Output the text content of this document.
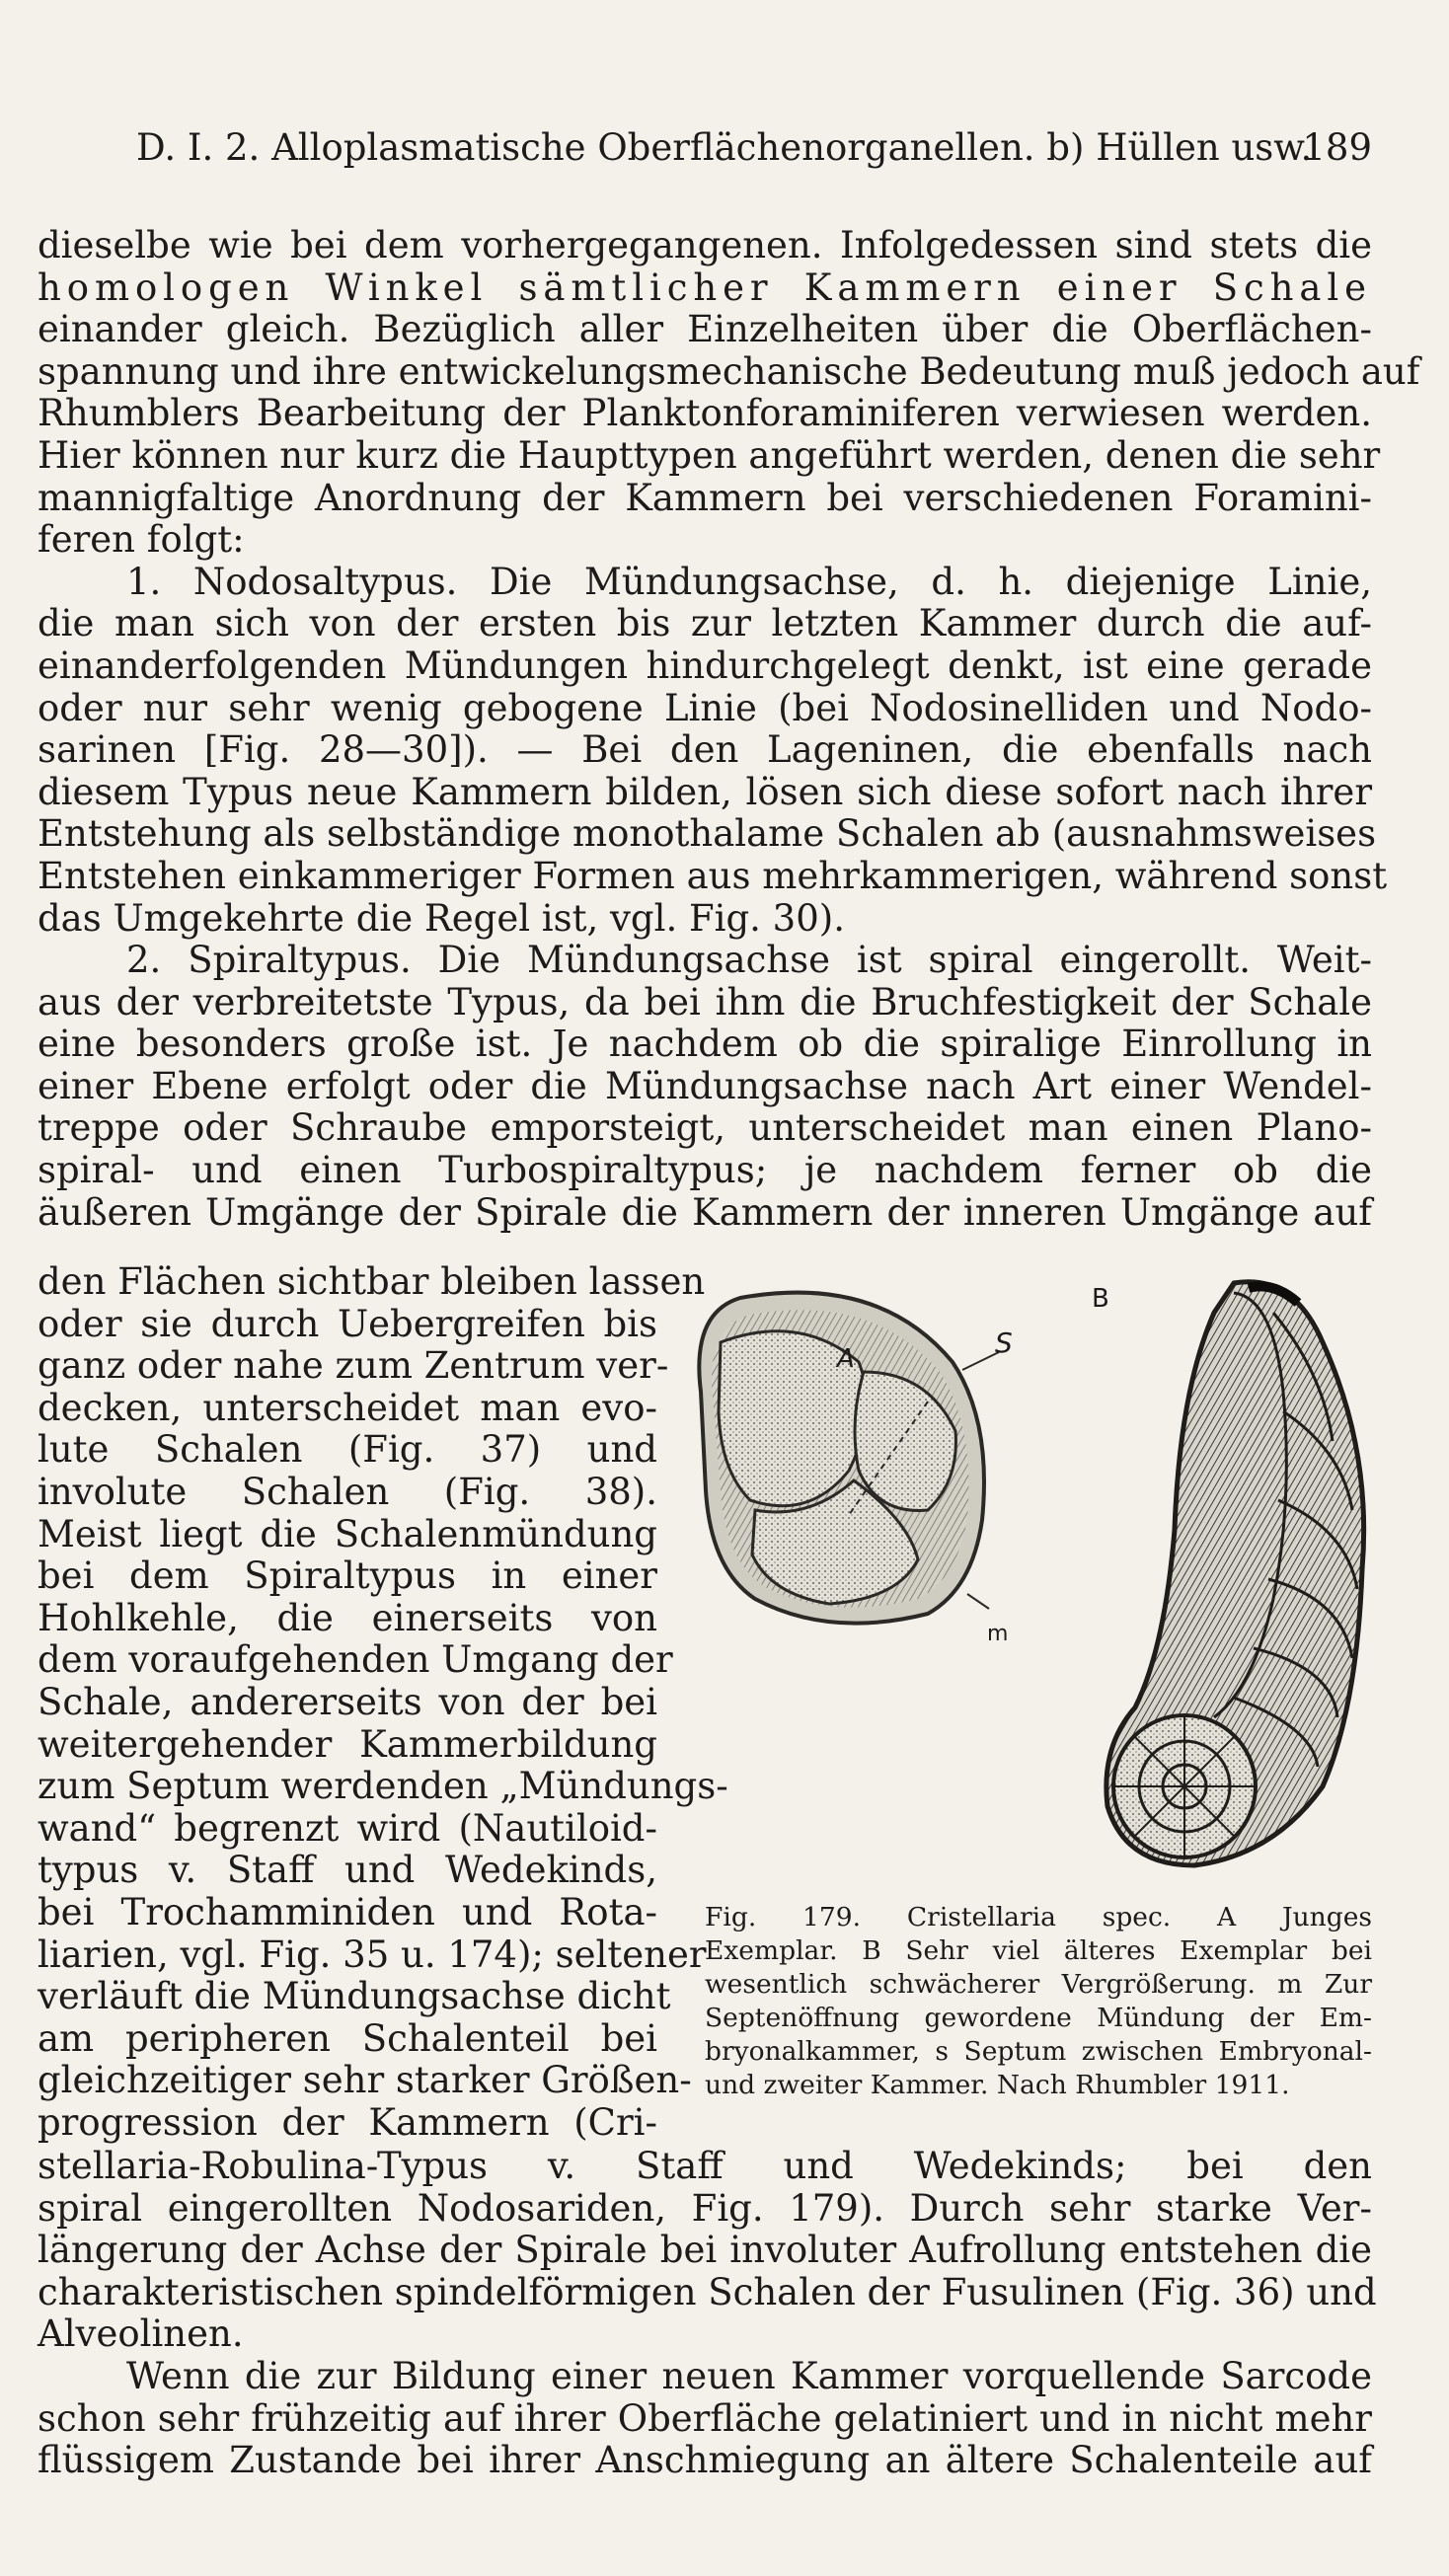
D. I. 2. Alloplasmatische Oberflächenorganellen. b) Hüllen usw.
189
dieselbe wie bei dem vorhergegangenen. Infolgedessen sind stets die
homologen Winkel sämtlicher Kammern einer Schale
einander gleich. Bezüglich aller Einzelheiten über die Oberflächen-
spannung und ihre entwickelungsmechanische Bedeutung muß jedoch auf
Rhumblers Bearbeitung der Planktonforaminiferen verwiesen werden.
Hier können nur kurz die Haupttypen angeführt werden, denen die sehr
mannigfaltige Anordnung der Kammern bei verschiedenen Foramini-
feren folgt:
1. Nodosaltypus. Die Mündungsachse, d. h. diejenige Linie,
die man sich von der ersten bis zur letzten Kammer durch die auf-
einanderfolgenden Mündungen hindurchgelegt denkt, ist eine gerade
oder nur sehr wenig gebogene Linie (bei Nodosinelliden und Nodo-
sarinen [Fig. 28—30]). — Bei den Lageninen, die ebenfalls nach
diesem Typus neue Kammern bilden, lösen sich diese sofort nach ihrer
Entstehung als selbständige monothalame Schalen ab (ausnahmsweises
Entstehen einkammeriger Formen aus mehrkammerigen, während sonst
das Umgekehrte die Regel ist, vgl. Fig. 30).
2. Spiraltypus. Die Mündungsachse ist spiral eingerollt. Weit-
aus der verbreitetste Typus, da bei ihm die Bruchfestigkeit der Schale
eine besonders große ist. Je nachdem ob die spiralige Einrollung in
einer Ebene erfolgt oder die Mündungsachse nach Art einer Wendel-
treppe oder Schraube emporsteigt, unterscheidet man einen Plano-
spiral- und einen Turbospiraltypus; je nachdem ferner ob die
äußeren Umgänge der Spirale die Kammern der inneren Umgänge auf
den Flächen sichtbar bleiben lassen
oder sie durch Uebergreifen bis
ganz oder nahe zum Zentrum ver-
decken, unterscheidet man evo-
lute Schalen (Fig. 37) und
involute Schalen (Fig. 38).
Meist liegt die Schalenmündung
bei dem Spiraltypus in einer
Hohlkehle, die einerseits von
dem voraufgehenden Umgang der
Schale, andererseits von der bei
weitergehender Kammerbildung
zum Septum werdenden „Mündungs-
wand“ begrenzt wird (Nautiloid-
typus v. Staff und Wedekinds,
bei Trochamminiden und Rota-
liarien, vgl. Fig. 35 u. 174); seltener
verläuft die Mündungsachse dicht
am peripheren Schalenteil bei
gleichzeitiger sehr starker Größen-
progression der Kammern (Cri-
A	S
m
B
Fig. 179. Cristellaria spec. A Junges
Exemplar. B Sehr viel älteres Exemplar bei
wesentlich schwächerer Vergrößerung. m Zur
Septenöffnung gewordene Mündung der Em-
bryonalkammer, s Septum zwischen Embryonal-
und zweiter Kammer. Nach Rhumbler 1911.
stellaria-Robulina-Typus v. Staff und Wedekinds; bei den
spiral eingerollten Nodosariden, Fig. 179). Durch sehr starke Ver-
längerung der Achse der Spirale bei involuter Aufrollung entstehen die
charakteristischen spindelförmigen Schalen der Fusulinen (Fig. 36) und
Alveolinen.
Wenn die zur Bildung einer neuen Kammer vorquellende Sarcode
schon sehr frühzeitig auf ihrer Oberfläche gelatiniert und in nicht mehr
flüssigem Zustande bei ihrer Anschmiegung an ältere Schalenteile auf
